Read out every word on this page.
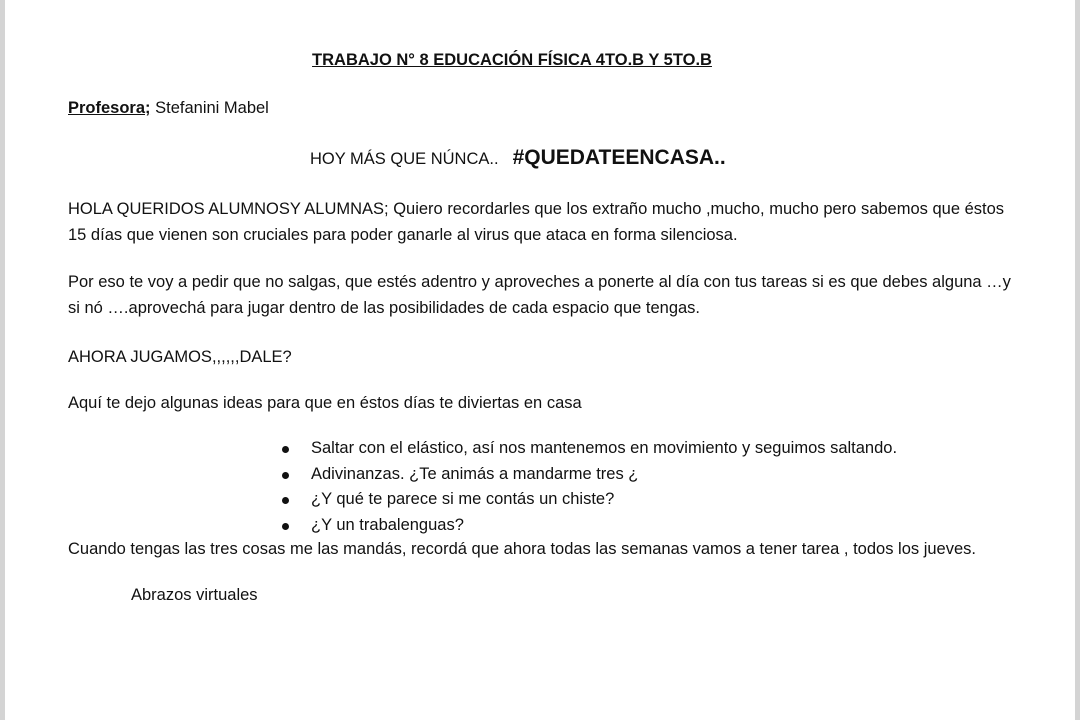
TRABAJO N° 8 EDUCACIÓN FÍSICA 4TO.B Y 5TO.B
Profesora; Stefanini Mabel
HOY MÁS QUE NÚNCA.. #QUEDATEENCASA..

HOLA QUERIDOS ALUMNOSY ALUMNAS; Quiero recordarles que los extraño mucho ,mucho, mucho pero sabemos que éstos 15 días que vienen son cruciales para poder ganarle al virus que ataca en forma silenciosa.

Por eso te voy a pedir que no salgas, que estés adentro y aproveches a ponerte al día con tus tareas si es que debes alguna …y si nó ….aprovechá para jugar dentro de las posibilidades de cada espacio que tengas.

AHORA JUGAMOS,,,,,,DALE?

Aquí te dejo algunas ideas para que en éstos días te diviertas en casa

Saltar con el elástico, así nos mantenemos en movimiento y seguimos saltando.
Adivinanzas. ¿Te animás a mandarme tres ¿
¿Y qué te parece si me contás un chiste?
¿Y un trabalenguas?

Cuando tengas las tres cosas me las mandás, recordá que ahora todas las semanas vamos a tener tarea , todos los jueves.

Abrazos virtuales
